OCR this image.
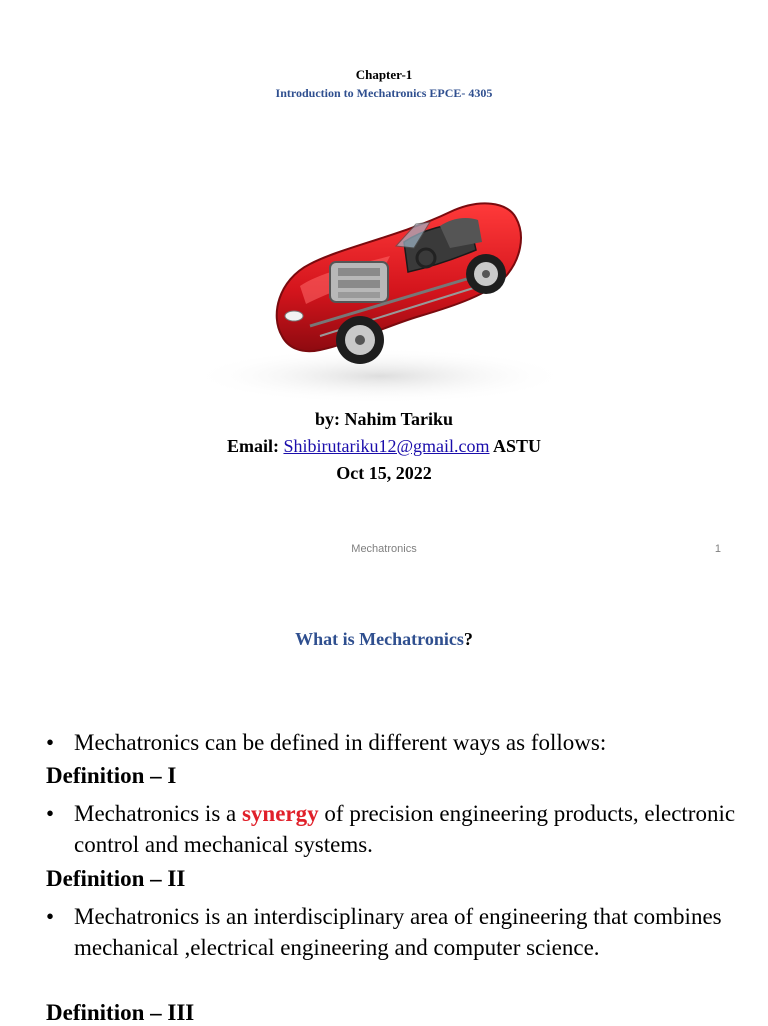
Chapter-1
Introduction to Mechatronics EPCE- 4305
by: Nahim Tariku
Email: Shibirutariku12@gmail.com ASTU
Oct 15, 2022
Mechatronics	1
What is Mechatronics?
• Mechatronics can be defined in different ways as follows:
Definition – I
• Mechatronics is a synergy of precision engineering products, electronic control and mechanical systems.
Definition – II
• Mechatronics is an interdisciplinary area of engineering that combines mechanical ,electrical engineering and computer science.
Definition – III
